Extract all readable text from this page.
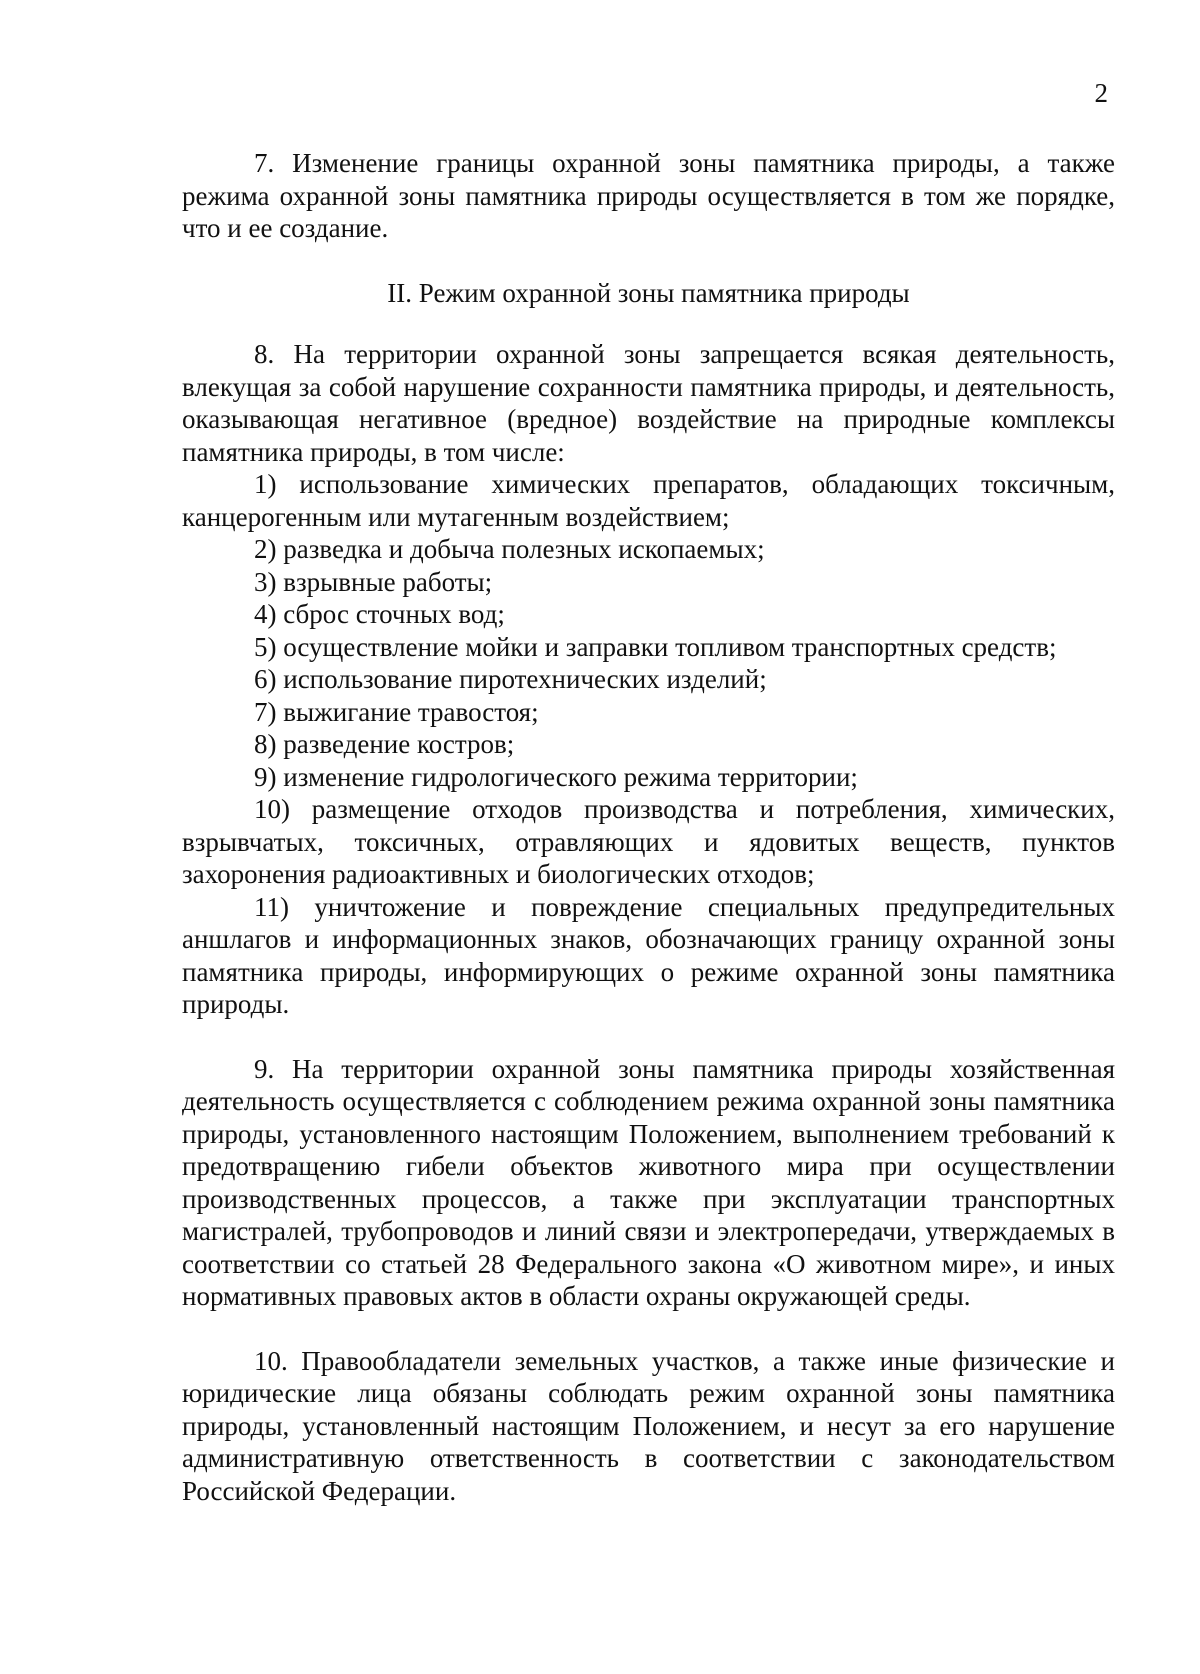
2

7. Изменение границы охранной зоны памятника природы, а также режима охранной зоны памятника природы осуществляется в том же порядке, что и ее создание.

II. Режим охранной зоны памятника природы

8. На территории охранной зоны запрещается всякая деятельность, влекущая за собой нарушение сохранности памятника природы, и деятельность, оказывающая негативное (вредное) воздействие на природные комплексы памятника природы, в том числе:

1) использование химических препаратов, обладающих токсичным, канцерогенным или мутагенным воздействием;

2) разведка и добыча полезных ископаемых;

3) взрывные работы;

4) сброс сточных вод;

5) осуществление мойки и заправки топливом транспортных средств;

6) использование пиротехнических изделий;

7) выжигание травостоя;

8) разведение костров;

9) изменение гидрологического режима территории;

10) размещение отходов производства и потребления, химических, взрывчатых, токсичных, отравляющих и ядовитых веществ, пунктов захоронения радиоактивных и биологических отходов;

11) уничтожение и повреждение специальных предупредительных аншлагов и информационных знаков, обозначающих границу охранной зоны памятника природы, информирующих о режиме охранной зоны памятника природы.

9. На территории охранной зоны памятника природы хозяйственная деятельность осуществляется с соблюдением режима охранной зоны памятника природы, установленного настоящим Положением, выполнением требований к предотвращению гибели объектов животного мира при осуществлении производственных процессов, а также при эксплуатации транспортных магистралей, трубопроводов и линий связи и электропередачи, утверждаемых в соответствии со статьей 28 Федерального закона «О животном мире», и иных нормативных правовых актов в области охраны окружающей среды.

10. Правообладатели земельных участков, а также иные физические и юридические лица обязаны соблюдать режим охранной зоны памятника природы, установленный настоящим Положением, и несут за его нарушение административную ответственность в соответствии с законодательством Российской Федерации.
